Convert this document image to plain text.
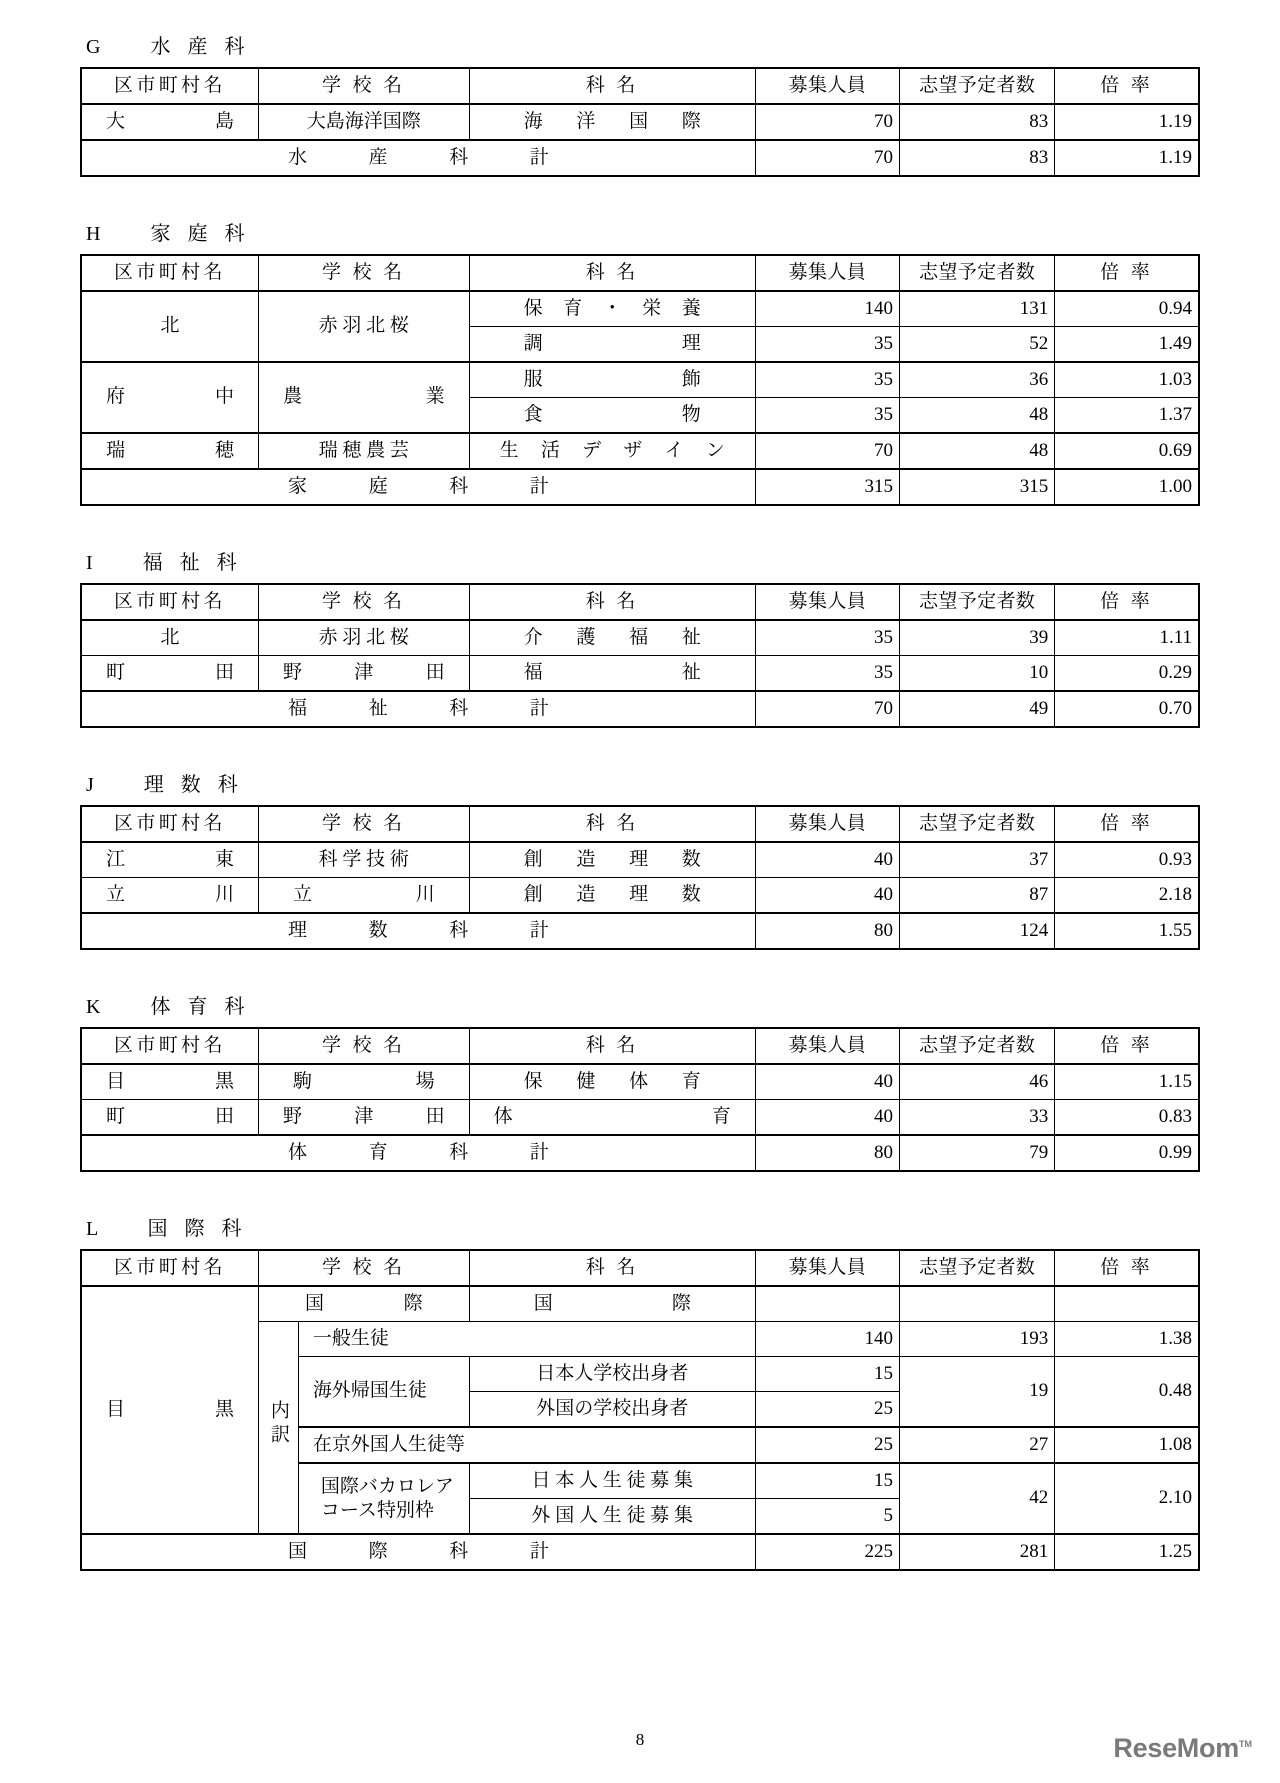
G 水 産 科
区市町村名	学 校 名	科 名	募集人員	志望予定者数	倍 率

大 島	大島海洋国際	海 洋 国 際	70	83	1.19

水 産 科 計			70	83	1.19
H 家 庭 科
区市町村名	学 校 名	科 名	募集人員	志望予定者数	倍 率
北	赤 羽 北 桜	保 育 ・ 栄 養	140	131	0.94

		調 理	35	52	1.49

府 中	農 業	服 飾	35	36	1.03

		食 物	35	48	1.37

瑞 穂	瑞 穂 農 芸	生 活 デ ザ イ ン	70	48	0.69

家 庭 科 計			315	315	1.00
I 福 祉 科
区市町村名	学 校 名	科 名	募集人員	志望予定者数	倍 率
北	赤 羽 北 桜	介 護 福 祉	35	39	1.11

町 田	野 津 田	福 祉	35	10	0.29

福 祉 科 計			70	49	0.70
J 理 数 科
区市町村名	学 校 名	科 名	募集人員	志望予定者数	倍 率

江 東	科 学 技 術	創 造 理 数	40	37	0.93

立 川	立 川	創 造 理 数	40	87	2.18

理 数 科 計			80	124	1.55
K 体 育 科
区市町村名	学 校 名	科 名	募集人員	志望予定者数	倍 率

目 黒	駒 場	保 健 体 育	40	46	1.15

町 田	野 津 田	体 育	40	33	0.83

体 育 科 計			80	79	0.99
L 国 際 科
区市町村名	学 校 名		科 名	募集人員	志望予定者数	倍 率

目 黒	国 際		国 際			

	内訳	一般生徒		140	193	1.38
		海外帰国生徒	日本人学校出身者	15	19	0.48
			外国の学校出身者	25		
		在京外国人生徒等		25	27	1.08

		国際バカロレア
コース特別枠	日 本 人 生 徒 募 集	15	42	2.10
			外 国 人 生 徒 募 集	5		

国 際 科 計				225	281	1.25
8	ReseMom™
